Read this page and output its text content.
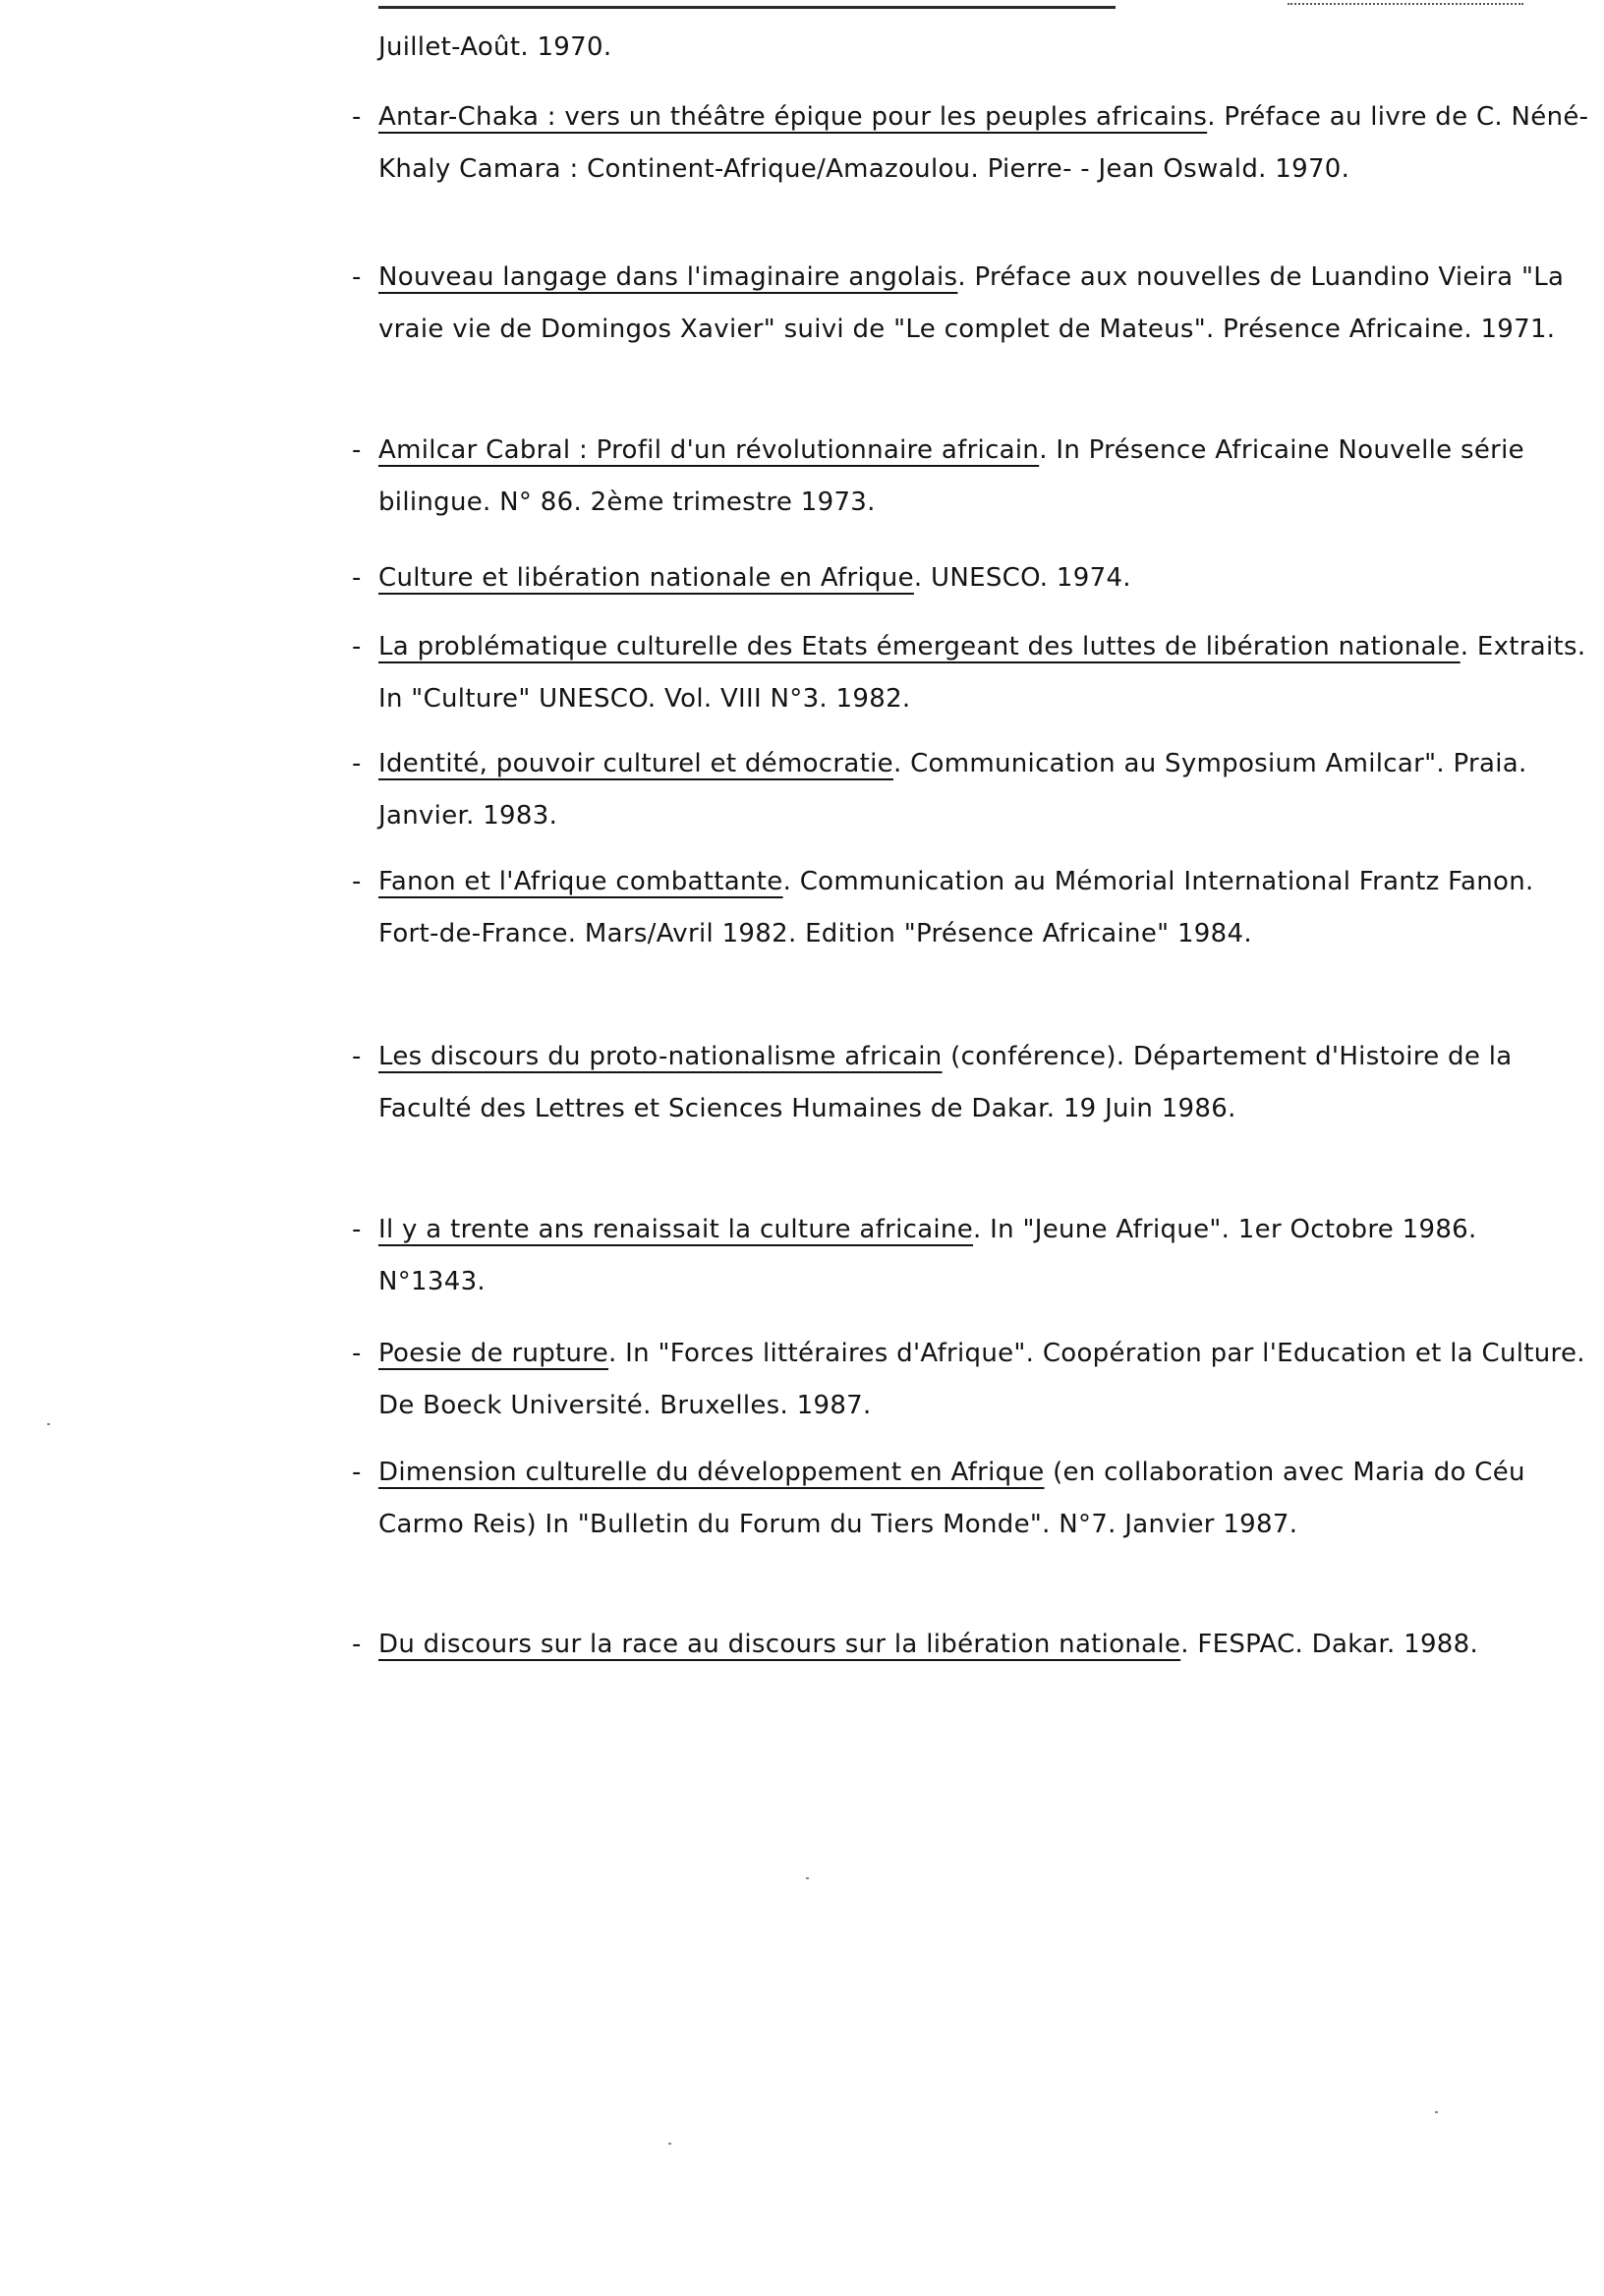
Juillet-Août. 1970.
- Antar-Chaka : vers un théâtre épique pour les peuples africains. Préface au livre de C. Néné-Khaly Camara : Continent-Afrique/Amazoulou. Pierre- - Jean Oswald. 1970.
- Nouveau langage dans l'imaginaire angolais. Préface aux nouvelles de Luandino Vieira "La vraie vie de Domingos Xavier" suivi de "Le complet de Mateus". Présence Africaine. 1971.
- Amilcar Cabral : Profil d'un révolutionnaire africain. In Présence Africaine Nouvelle série bilingue. N° 86. 2ème trimestre 1973.
- Culture et libération nationale en Afrique. UNESCO. 1974.
- La problématique culturelle des Etats émergeant des luttes de libération nationale. Extraits. In "Culture" UNESCO. Vol. VIII N°3. 1982.
- Identité, pouvoir culturel et démocratie. Communication au Symposium Amilcar". Praia. Janvier. 1983.
- Fanon et l'Afrique combattante. Communication au Mémorial International Frantz Fanon. Fort-de-France. Mars/Avril 1982. Edition "Présence Africaine" 1984.
- Les discours du proto-nationalisme africain (conférence). Département d'Histoire de la Faculté des Lettres et Sciences Humaines de Dakar. 19 Juin 1986.
- Il y a trente ans renaissait la culture africaine. In "Jeune Afrique". 1er Octobre 1986. N°1343.
- Poesie de rupture. In "Forces littéraires d'Afrique". Coopération par l'Education et la Culture. De Boeck Université. Bruxelles. 1987.
- Dimension culturelle du développement en Afrique (en collaboration avec Maria do Céu Carmo Reis) In "Bulletin du Forum du Tiers Monde". N°7. Janvier 1987.
- Du discours sur la race au discours sur la libération nationale. FESPAC. Dakar. 1988.
